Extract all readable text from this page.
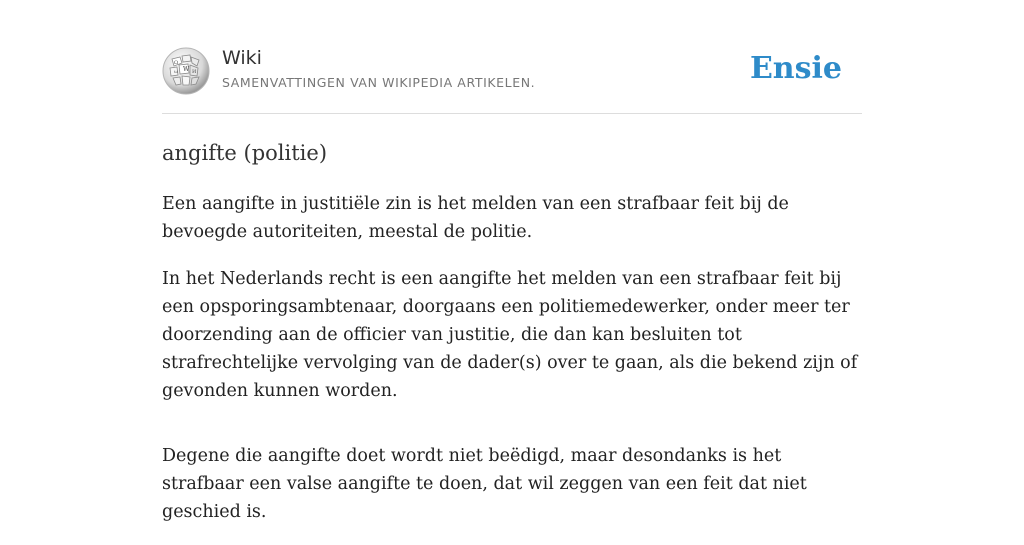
W
Ω
И
ω
Wiki
SAMENVATTINGEN VAN WIKIPEDIA ARTIKELEN.	Ensie
angifte (politie)

Een aangifte in justitiële zin is het melden van een strafbaar feit bij de bevoegde autoriteiten, meestal de politie.

In het Nederlands recht is een aangifte het melden van een strafbaar feit bij een opsporingsambtenaar, doorgaans een politiemedewerker, onder meer ter doorzending aan de officier van justitie, die dan kan besluiten tot strafrechtelijke vervolging van de dader(s) over te gaan, als die bekend zijn of gevonden kunnen worden.

Degene die aangifte doet wordt niet beëdigd, maar desondanks is het strafbaar een valse aangifte te doen, dat wil zeggen van een feit dat niet geschied is.
